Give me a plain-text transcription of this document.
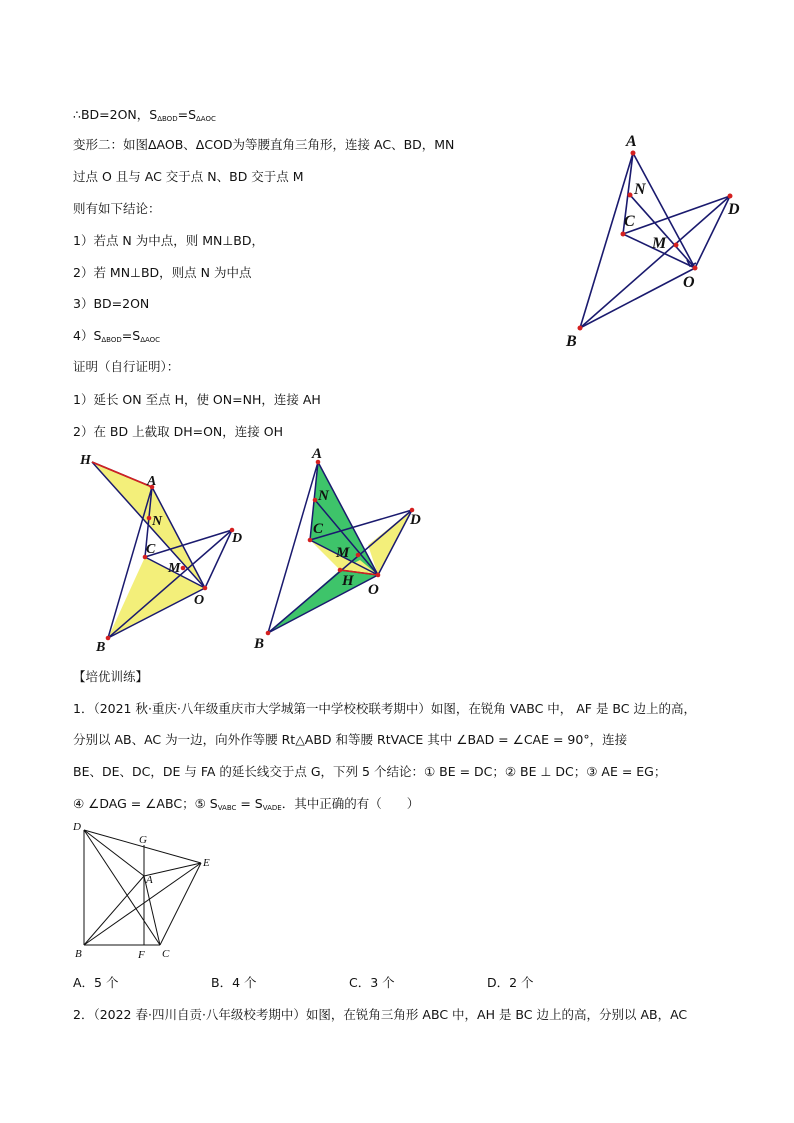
∴BD=2ON，$S_{\Delta BOD}=S_{\Delta AOC}$
变形二：如图ΔAOB、ΔCOD为等腰直角三角形，连接 AC、BD，MN
过点 O 且与 AC 交于点 N、BD 交于点 M
则有如下结论：
1）若点 N 为中点，则 MN⊥BD，
2）若 MN⊥BD，则点 N 为中点
3）BD=2ON
$4)S_{\Delta BOD}=S_{\Delta AOC}$
证明（自行证明）：
1）延长 ON 至点 H，使 ON=NH，连接 AH
2）在 BD 上截取 DH=ON，连接 OH
A
N
C
M
D
O
B
H
A
N
C
M
D
O
B
A
N
C
M
H
D
O
B
【培优训练】
1．（2021 秋·重庆·八年级重庆市大学城第一中学校校联考期中）如图，在锐角 VABC 中， AF 是 BC 边上的高，
分别以 AB、AC 为一边，向外作等腰 Rt△ABD 和等腰 RtVACE 其中 ∠BAD = ∠CAE = 90°，连接
BE、DE、DC，DE 与 FA 的延长线交于点 G，下列 5 个结论：① BE = DC；② BE ⊥ DC；③ AE = EG；
④ ∠DAG = ∠ABC；⑤ $S_{VABC} = S_{VADE}$．其中正确的有（　　）
D
G
E
A
B	F C
A．5 个	B．4 个	C．3 个	D．2 个
2．（2022 春·四川自贡·八年级校考期中）如图，在锐角三角形 ABC 中，AH 是 BC 边上的高，分别以 AB，AC
